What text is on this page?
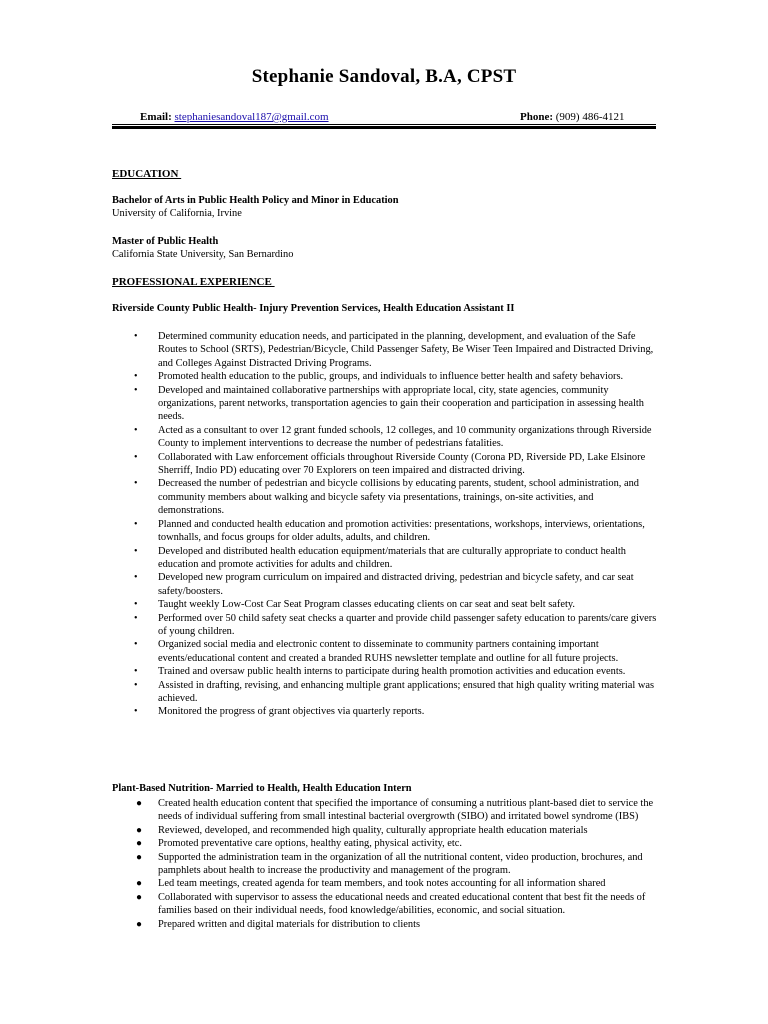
Stephanie Sandoval, B.A, CPST
Email: stephaniesandoval187@gmail.com	Phone: (909) 486-4121
EDUCATION
Bachelor of Arts in Public Health Policy and Minor in Education
University of California, Irvine
Master of Public Health
California State University, San Bernardino
PROFESSIONAL EXPERIENCE
Riverside County Public Health- Injury Prevention Services, Health Education Assistant II
• Determined community education needs, and participated in the planning, development, and evaluation of the Safe Routes to School (SRTS), Pedestrian/Bicycle, Child Passenger Safety, Be Wiser Teen Impaired and Distracted Driving, and Colleges Against Distracted Driving Programs.
• Promoted health education to the public, groups, and individuals to influence better health and safety behaviors.
• Developed and maintained collaborative partnerships with appropriate local, city, state agencies, community organizations, parent networks, transportation agencies to gain their cooperation and participation in assessing health needs.
• Acted as a consultant to over 12 grant funded schools, 12 colleges, and 10 community organizations through Riverside County to implement interventions to decrease the number of pedestrians fatalities.
• Collaborated with Law enforcement officials throughout Riverside County (Corona PD, Riverside PD, Lake Elsinore Sherriff, Indio PD) educating over 70 Explorers on teen impaired and distracted driving.
• Decreased the number of pedestrian and bicycle collisions by educating parents, student, school administration, and community members about walking and bicycle safety via presentations, trainings, on-site activities, and demonstrations.
• Planned and conducted health education and promotion activities: presentations, workshops, interviews, orientations, townhalls, and focus groups for older adults, adults, and children.
• Developed and distributed health education equipment/materials that are culturally appropriate to conduct health education and promote activities for adults and children.
• Developed new program curriculum on impaired and distracted driving, pedestrian and bicycle safety, and car seat safety/boosters.
• Taught weekly Low-Cost Car Seat Program classes educating clients on car seat and seat belt safety.
• Performed over 50 child safety seat checks a quarter and provide child passenger safety education to parents/care givers of young children.
• Organized social media and electronic content to disseminate to community partners containing important events/educational content and created a branded RUHS newsletter template and outline for all future projects.
• Trained and oversaw public health interns to participate during health promotion activities and education events.
• Assisted in drafting, revising, and enhancing multiple grant applications; ensured that high quality writing material was achieved.
• Monitored the progress of grant objectives via quarterly reports.
Plant-Based Nutrition- Married to Health, Health Education Intern
● Created health education content that specified the importance of consuming a nutritious plant-based diet to service the needs of individual suffering from small intestinal bacterial overgrowth (SIBO) and irritated bowel syndrome (IBS)
● Reviewed, developed, and recommended high quality, culturally appropriate health education materials
● Promoted preventative care options, healthy eating, physical activity, etc.
● Supported the administration team in the organization of all the nutritional content, video production, brochures, and pamphlets about health to increase the productivity and management of the program.
● Led team meetings, created agenda for team members, and took notes accounting for all information shared
● Collaborated with supervisor to assess the educational needs and created educational content that best fit the needs of families based on their individual needs, food knowledge/abilities, economic, and social situation.
● Prepared written and digital materials for distribution to clients
